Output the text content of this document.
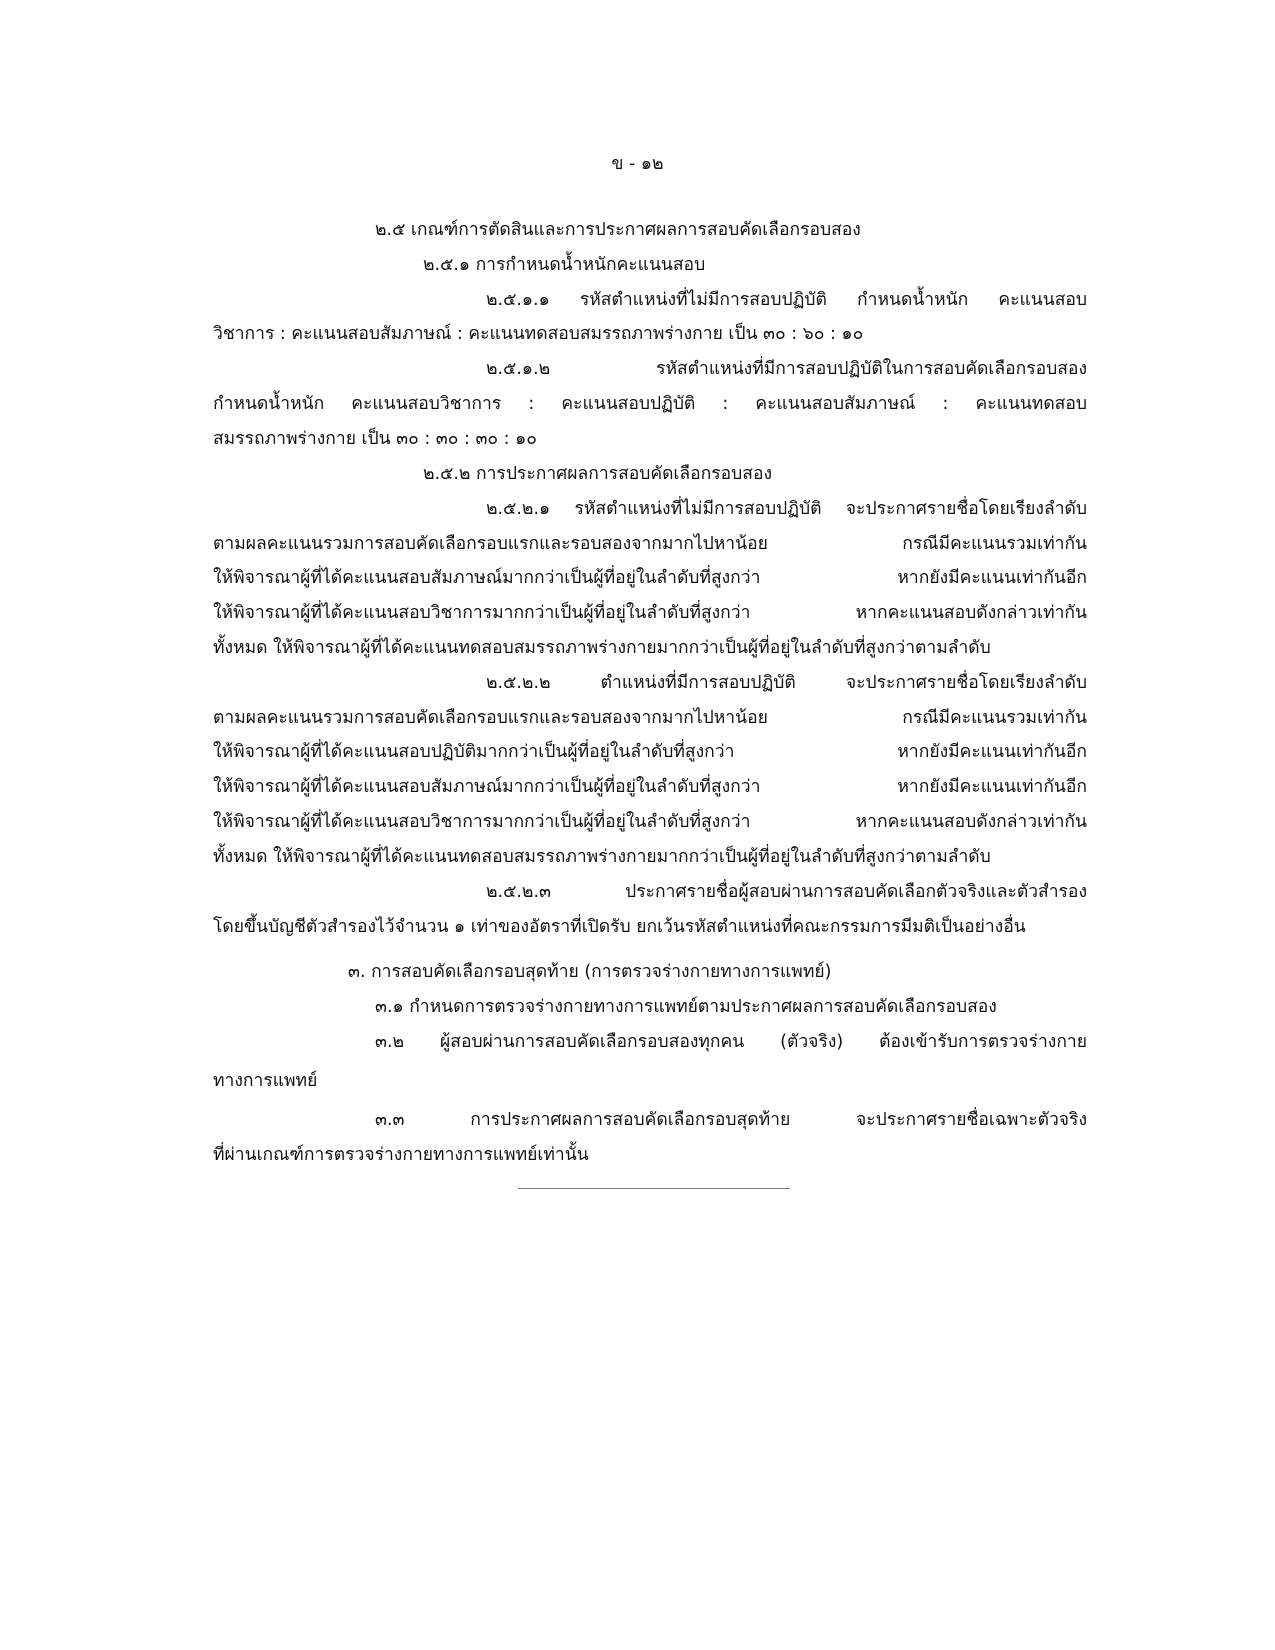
ข - ๑๒
๒.๕ เกณฑ์การตัดสินและการประกาศผลการสอบคัดเลือกรอบสอง
๒.๕.๑ การกำหนดน้ำหนักคะแนนสอบ
๒.๕.๑.๑ รหัสตำแหน่งที่ไม่มีการสอบปฏิบัติ กำหนดน้ำหนัก คะแนนสอบ
วิชาการ : คะแนนสอบสัมภาษณ์ : คะแนนทดสอบสมรรถภาพร่างกาย เป็น ๓๐ : ๖๐ : ๑๐
๒.๕.๑.๒ รหัสตำแหน่งที่มีการสอบปฏิบัติในการสอบคัดเลือกรอบสอง
กำหนดน้ำหนัก คะแนนสอบวิชาการ : คะแนนสอบปฏิบัติ : คะแนนสอบสัมภาษณ์ : คะแนนทดสอบ
สมรรถภาพร่างกาย เป็น ๓๐ : ๓๐ : ๓๐ : ๑๐
๒.๕.๒ การประกาศผลการสอบคัดเลือกรอบสอง
๒.๕.๒.๑ รหัสตำแหน่งที่ไม่มีการสอบปฏิบัติ จะประกาศรายชื่อโดยเรียงลำดับ
ตามผลคะแนนรวมการสอบคัดเลือกรอบแรกและรอบสองจากมากไปหาน้อย กรณีมีคะแนนรวมเท่ากัน
ให้พิจารณาผู้ที่ได้คะแนนสอบสัมภาษณ์มากกว่าเป็นผู้ที่อยู่ในลำดับที่สูงกว่า หากยังมีคะแนนเท่ากันอีก
ให้พิจารณาผู้ที่ได้คะแนนสอบวิชาการมากกว่าเป็นผู้ที่อยู่ในลำดับที่สูงกว่า หากคะแนนสอบดังกล่าวเท่ากัน
ทั้งหมด ให้พิจารณาผู้ที่ได้คะแนนทดสอบสมรรถภาพร่างกายมากกว่าเป็นผู้ที่อยู่ในลำดับที่สูงกว่าตามลำดับ
๒.๕.๒.๒ ตำแหน่งที่มีการสอบปฏิบัติ จะประกาศรายชื่อโดยเรียงลำดับ
ตามผลคะแนนรวมการสอบคัดเลือกรอบแรกและรอบสองจากมากไปหาน้อย กรณีมีคะแนนรวมเท่ากัน
ให้พิจารณาผู้ที่ได้คะแนนสอบปฏิบัติมากกว่าเป็นผู้ที่อยู่ในลำดับที่สูงกว่า หากยังมีคะแนนเท่ากันอีก
ให้พิจารณาผู้ที่ได้คะแนนสอบสัมภาษณ์มากกว่าเป็นผู้ที่อยู่ในลำดับที่สูงกว่า หากยังมีคะแนนเท่ากันอีก
ให้พิจารณาผู้ที่ได้คะแนนสอบวิชาการมากกว่าเป็นผู้ที่อยู่ในลำดับที่สูงกว่า หากคะแนนสอบดังกล่าวเท่ากัน
ทั้งหมด ให้พิจารณาผู้ที่ได้คะแนนทดสอบสมรรถภาพร่างกายมากกว่าเป็นผู้ที่อยู่ในลำดับที่สูงกว่าตามลำดับ
๒.๕.๒.๓ ประกาศรายชื่อผู้สอบผ่านการสอบคัดเลือกตัวจริงและตัวสำรอง
โดยขึ้นบัญชีตัวสำรองไว้จำนวน ๑ เท่าของอัตราที่เปิดรับ ยกเว้นรหัสตำแหน่งที่คณะกรรมการมีมติเป็นอย่างอื่น
๓. การสอบคัดเลือกรอบสุดท้าย (การตรวจร่างกายทางการแพทย์)
๓.๑ กำหนดการตรวจร่างกายทางการแพทย์ตามประกาศผลการสอบคัดเลือกรอบสอง
๓.๒ ผู้สอบผ่านการสอบคัดเลือกรอบสองทุกคน (ตัวจริง) ต้องเข้ารับการตรวจร่างกาย
ทางการแพทย์
๓.๓ การประกาศผลการสอบคัดเลือกรอบสุดท้าย จะประกาศรายชื่อเฉพาะตัวจริง
ที่ผ่านเกณฑ์การตรวจร่างกายทางการแพทย์เท่านั้น
